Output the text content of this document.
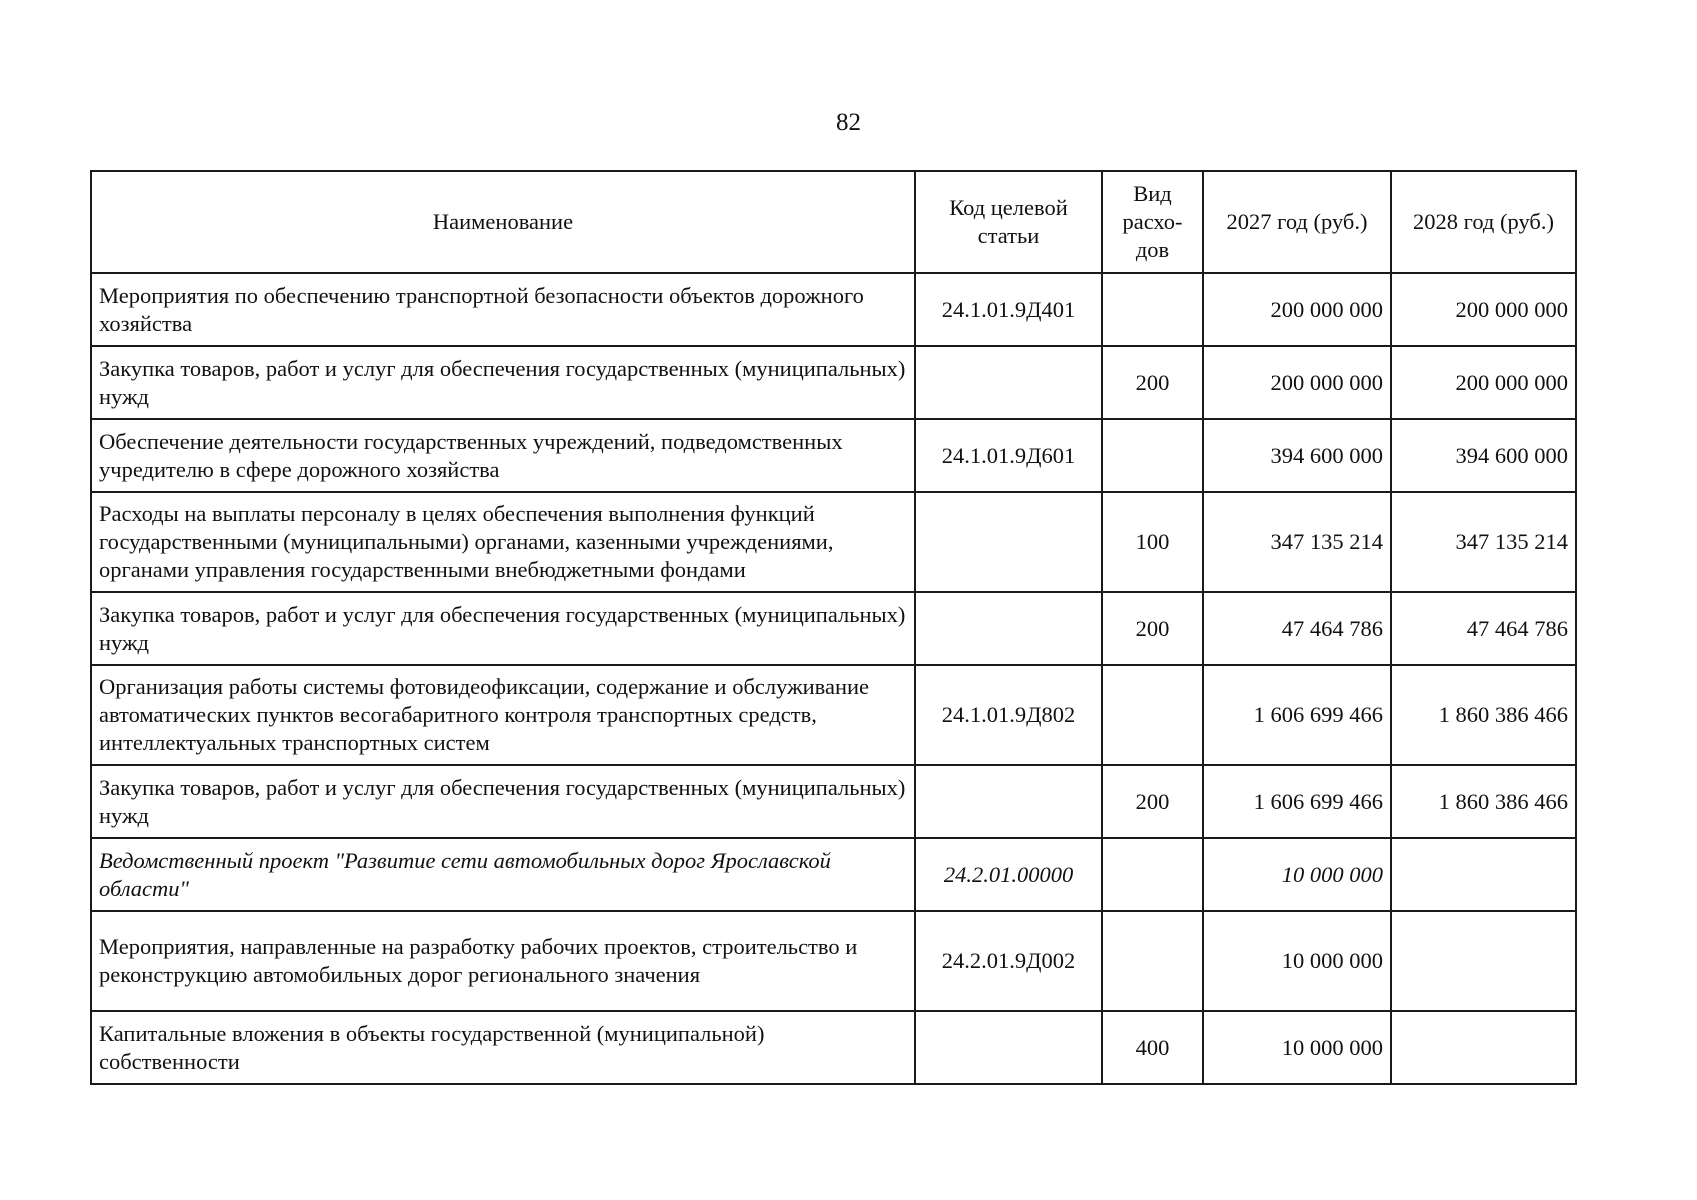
82
Наименование	Код целевой статьи	Вид расхо-дов	2027 год (руб.)	2028 год (руб.)
Мероприятия по обеспечению транспортной безопасности объектов дорожного хозяйства	24.1.01.9Д401		200 000 000	200 000 000
Закупка товаров, работ и услуг для обеспечения государственных (муниципальных) нужд		200	200 000 000	200 000 000
Обеспечение деятельности государственных учреждений, подведомственных учредителю в сфере дорожного хозяйства	24.1.01.9Д601		394 600 000	394 600 000
Расходы на выплаты персоналу в целях обеспечения выполнения функций государственными (муниципальными) органами, казенными учреждениями, органами управления государственными внебюджетными фондами		100	347 135 214	347 135 214
Закупка товаров, работ и услуг для обеспечения государственных (муниципальных) нужд		200	47 464 786	47 464 786
Организация работы системы фотовидеофиксации, содержание и обслуживание автоматических пунктов весогабаритного контроля транспортных средств, интеллектуальных транспортных систем	24.1.01.9Д802		1 606 699 466	1 860 386 466
Закупка товаров, работ и услуг для обеспечения государственных (муниципальных) нужд		200	1 606 699 466	1 860 386 466
Ведомственный проект "Развитие сети автомобильных дорог Ярославской области"	24.2.01.00000		10 000 000	
Мероприятия, направленные на разработку рабочих проектов, строительство и реконструкцию автомобильных дорог регионального значения	24.2.01.9Д002		10 000 000	
Капитальные вложения в объекты государственной (муниципальной) собственности		400	10 000 000	
